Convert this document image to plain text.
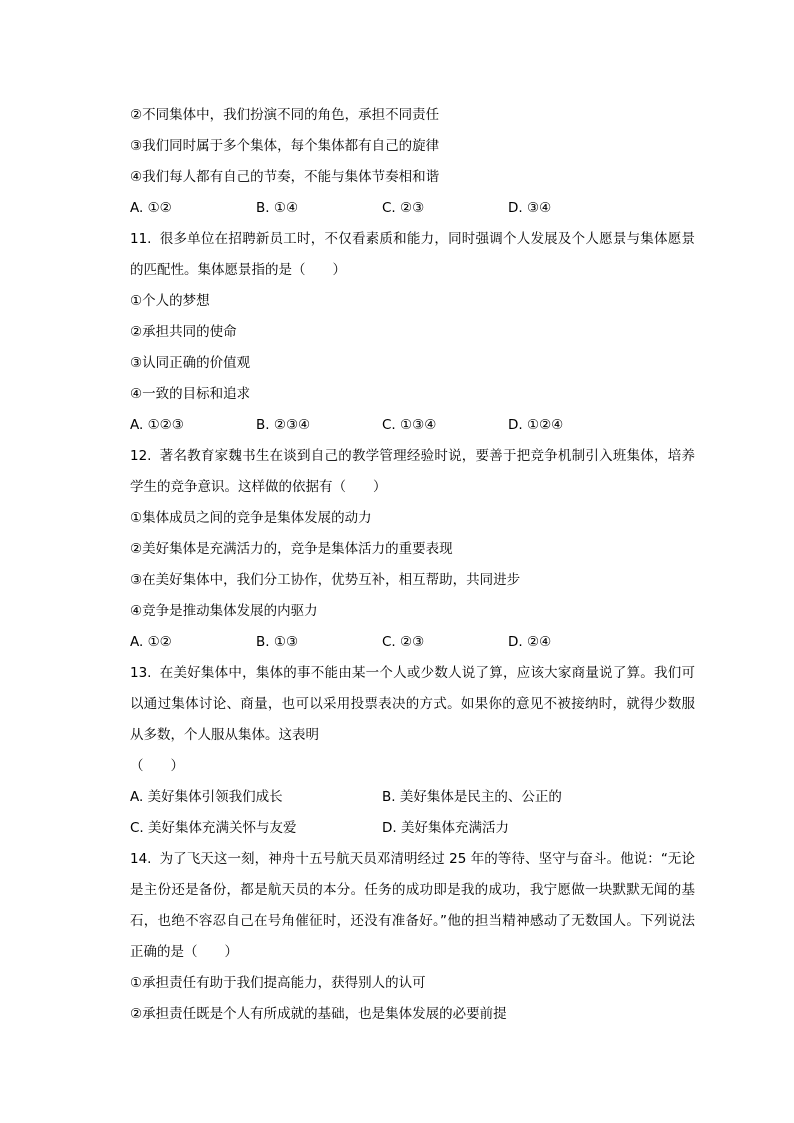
②不同集体中，我们扮演不同的角色，承担不同责任
③我们同时属于多个集体，每个集体都有自己的旋律
④我们每人都有自己的节奏，不能与集体节奏相和谐
A. ①②	B. ①④	C. ②③	D. ③④
11. 很多单位在招聘新员工时，不仅看素质和能力，同时强调个人发展及个人愿景与集体愿景的匹配性。集体愿景指的是（　　）
①个人的梦想
②承担共同的使命
③认同正确的价值观
④一致的目标和追求
A. ①②③	B. ②③④	C. ①③④	D. ①②④
12. 著名教育家魏书生在谈到自己的教学管理经验时说，要善于把竞争机制引入班集体，培养学生的竞争意识。这样做的依据有（　　）
①集体成员之间的竞争是集体发展的动力
②美好集体是充满活力的，竞争是集体活力的重要表现
③在美好集体中，我们分工协作，优势互补，相互帮助，共同进步
④竞争是推动集体发展的内驱力
A. ①②	B. ①③	C. ②③	D. ②④
13. 在美好集体中，集体的事不能由某一个人或少数人说了算，应该大家商量说了算。我们可以通过集体讨论、商量，也可以采用投票表决的方式。如果你的意见不被接纳时，就得少数服从多数，个人服从集体。这表明
（　　）
A. 美好集体引领我们成长	B. 美好集体是民主的、公正的
C. 美好集体充满关怀与友爱	D. 美好集体充满活力
14. 为了飞天这一刻，神舟十五号航天员邓清明经过 25 年的等待、坚守与奋斗。他说：“无论是主份还是备份，都是航天员的本分。任务的成功即是我的成功，我宁愿做一块默默无闻的基石，也绝不容忍自己在号角催征时，还没有准备好。”他的担当精神感动了无数国人。下列说法正确的是（　　）
①承担责任有助于我们提高能力，获得别人的认可
②承担责任既是个人有所成就的基础，也是集体发展的必要前提
